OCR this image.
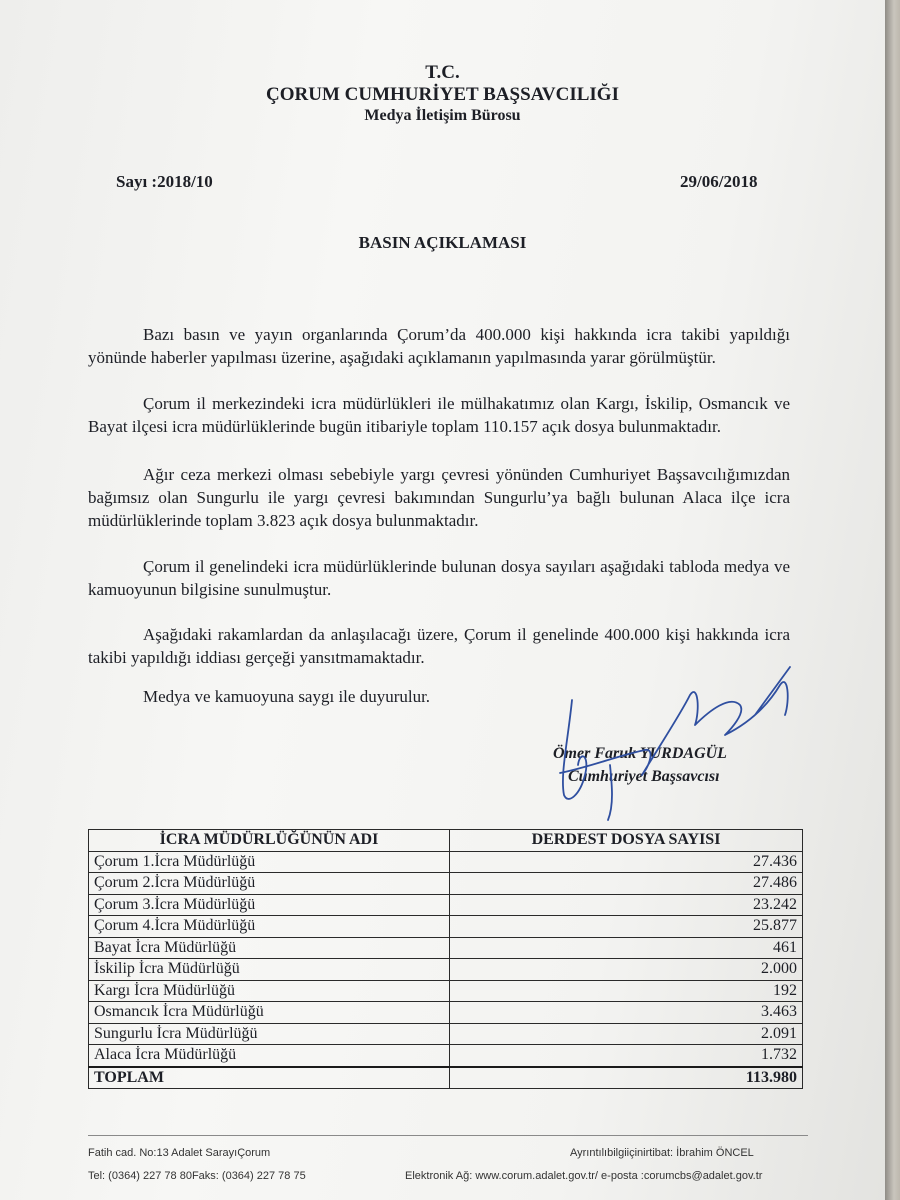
T.C.
ÇORUM CUMHURİYET BAŞSAVCILIĞI
Medya İletişim Bürosu
Sayı :2018/10	29/06/2018
BASIN AÇIKLAMASI

Bazı basın ve yayın organlarında Çorum’da 400.000 kişi hakkında icra takibi yapıldığı yönünde haberler yapılması üzerine, aşağıdaki açıklamanın yapılmasında yarar görülmüştür.

Çorum il merkezindeki icra müdürlükleri ile mülhakatımız olan Kargı, İskilip, Osmancık ve Bayat ilçesi icra müdürlüklerinde bugün itibariyle toplam 110.157 açık dosya bulunmaktadır.

Ağır ceza merkezi olması sebebiyle yargı çevresi yönünden Cumhuriyet Başsavcılığımızdan bağımsız olan Sungurlu ile yargı çevresi bakımından Sungurlu’ya bağlı bulunan Alaca ilçe icra müdürlüklerinde toplam 3.823 açık dosya bulunmaktadır.

Çorum il genelindeki icra müdürlüklerinde bulunan dosya sayıları aşağıdaki tabloda medya ve kamuoyunun bilgisine sunulmuştur.

Aşağıdaki rakamlardan da anlaşılacağı üzere, Çorum il genelinde 400.000 kişi hakkında icra takibi yapıldığı iddiası gerçeği yansıtmamaktadır.

Medya ve kamuoyuna saygı ile duyurulur.

Ömer Faruk YURDAGÜL
Cumhuriyet Başsavcısı
İCRA MÜDÜRLÜĞÜNÜN ADI	DERDEST DOSYA SAYISI
Çorum 1.İcra Müdürlüğü	27.436
Çorum 2.İcra Müdürlüğü	27.486
Çorum 3.İcra Müdürlüğü	23.242
Çorum 4.İcra Müdürlüğü	25.877
Bayat İcra Müdürlüğü	461
İskilip İcra Müdürlüğü	2.000
Kargı İcra Müdürlüğü	192
Osmancık İcra Müdürlüğü	3.463
Sungurlu İcra Müdürlüğü	2.091
Alaca İcra Müdürlüğü	1.732
TOPLAM	113.980
Fatih cad. No:13 Adalet SarayıÇorum
Tel: (0364) 227 78 80Faks: (0364) 227 78 75
Ayrıntılıbilgiiçinirtibat: İbrahim ÖNCEL
Elektronik Ağ: www.corum.adalet.gov.tr/ e-posta :corumcbs@adalet.gov.tr
